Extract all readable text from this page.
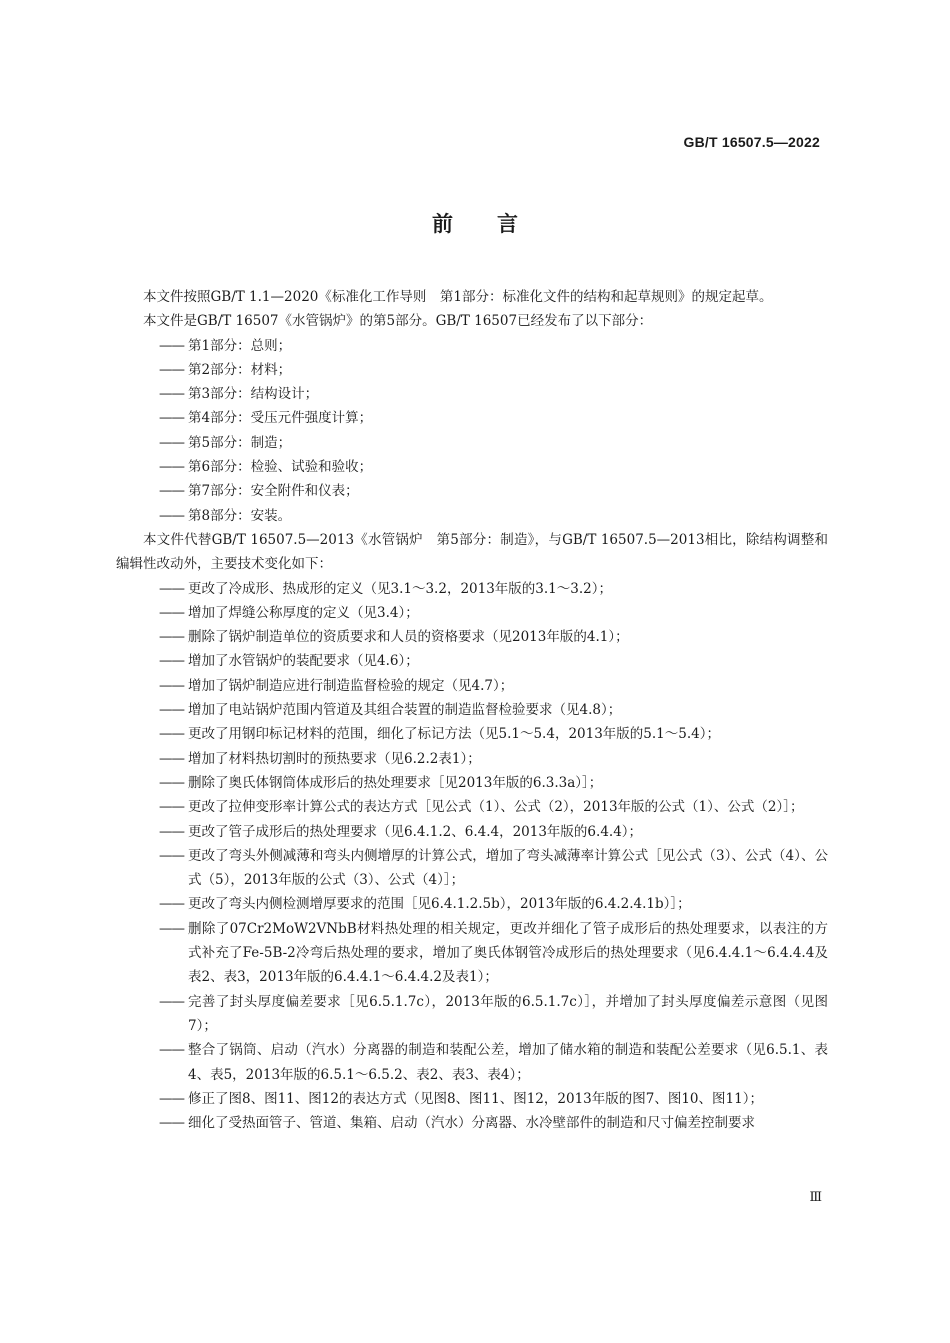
GB/T 16507.5—2022
前言

本文件按照GB/T 1.1—2020《标准化工作导则　第1部分：标准化文件的结构和起草规则》的规定起草。

本文件是GB/T 16507《水管锅炉》的第5部分。GB/T 16507已经发布了以下部分：

—— 第1部分：总则；
—— 第2部分：材料；
—— 第3部分：结构设计；
—— 第4部分：受压元件强度计算；
—— 第5部分：制造；
—— 第6部分：检验、试验和验收；
—— 第7部分：安全附件和仪表；
—— 第8部分：安装。

本文件代替GB/T 16507.5—2013《水管锅炉　第5部分：制造》，与GB/T 16507.5—2013相比，除结构调整和编辑性改动外，主要技术变化如下：

—— 更改了冷成形、热成形的定义（见3.1～3.2，2013年版的3.1～3.2）；
—— 增加了焊缝公称厚度的定义（见3.4）；
—— 删除了锅炉制造单位的资质要求和人员的资格要求（见2013年版的4.1）；
—— 增加了水管锅炉的装配要求（见4.6）；
—— 增加了锅炉制造应进行制造监督检验的规定（见4.7）；
—— 增加了电站锅炉范围内管道及其组合装置的制造监督检验要求（见4.8）；
—— 更改了用钢印标记材料的范围，细化了标记方法（见5.1～5.4，2013年版的5.1～5.4）；
—— 增加了材料热切割时的预热要求（见6.2.2表1）；
—— 删除了奥氏体钢筒体成形后的热处理要求［见2013年版的6.3.3a）］；
—— 更改了拉伸变形率计算公式的表达方式［见公式（1）、公式（2），2013年版的公式（1）、公式（2）］；
—— 更改了管子成形后的热处理要求（见6.4.1.2、6.4.4，2013年版的6.4.4）；
—— 更改了弯头外侧减薄和弯头内侧增厚的计算公式，增加了弯头减薄率计算公式［见公式（3）、公式（4）、公式（5），2013年版的公式（3）、公式（4）］；
—— 更改了弯头内侧检测增厚要求的范围［见6.4.1.2.5b），2013年版的6.4.2.4.1b）］；
—— 删除了07Cr2MoW2VNbB材料热处理的相关规定，更改并细化了管子成形后的热处理要求，以表注的方式补充了Fe-5B-2冷弯后热处理的要求，增加了奥氏体钢管冷成形后的热处理要求（见6.4.4.1～6.4.4.4及表2、表3，2013年版的6.4.4.1～6.4.4.2及表1）；
—— 完善了封头厚度偏差要求［见6.5.1.7c），2013年版的6.5.1.7c）］，并增加了封头厚度偏差示意图（见图7）；
—— 整合了锅筒、启动（汽水）分离器的制造和装配公差，增加了储水箱的制造和装配公差要求（见6.5.1、表4、表5，2013年版的6.5.1～6.5.2、表2、表3、表4）；
—— 修正了图8、图11、图12的表达方式（见图8、图11、图12，2013年版的图7、图10、图11）；
—— 细化了受热面管子、管道、集箱、启动（汽水）分离器、水冷壁部件的制造和尺寸偏差控制要求
Ⅲ
